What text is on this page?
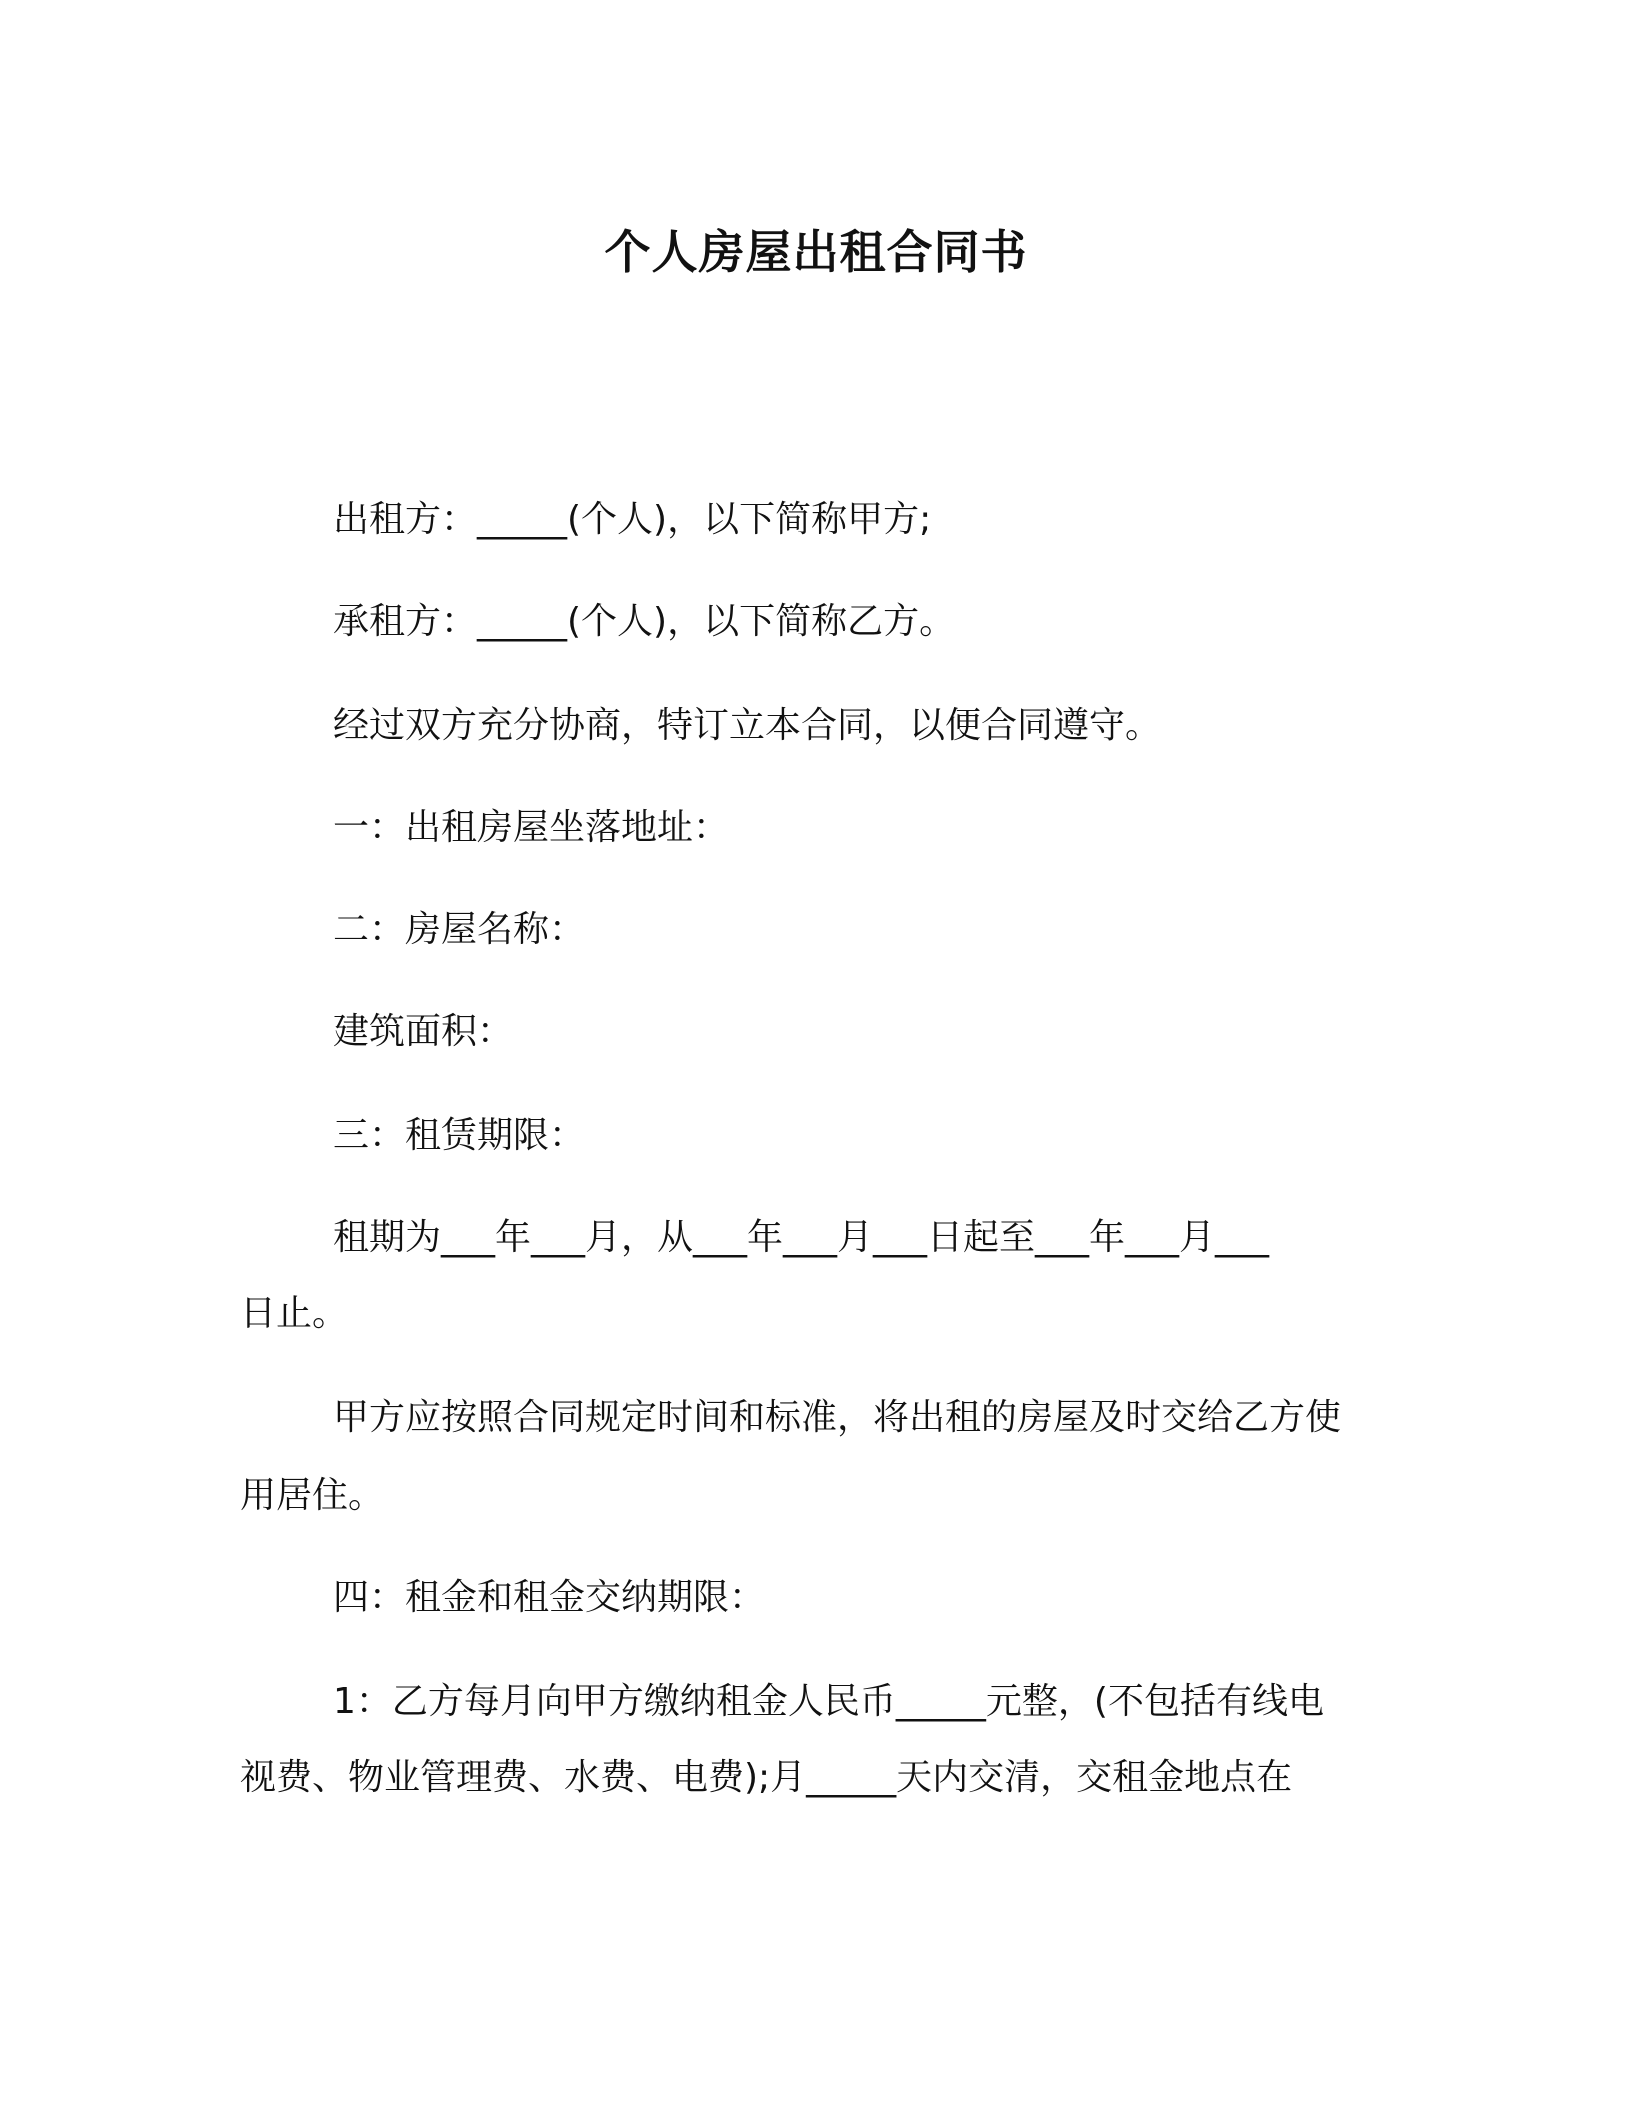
个人房屋出租合同书
出租方：_____(个人)，以下简称甲方;
承租方：_____(个人)，以下简称乙方。
经过双方充分协商，特订立本合同，以便合同遵守。
一：出租房屋坐落地址：
二：房屋名称：
建筑面积：
三：租赁期限：
租期为___年___月，从___年___月___日起至___年___月___
日止。
甲方应按照合同规定时间和标准，将出租的房屋及时交给乙方使
用居住。
四：租金和租金交纳期限：
1：乙方每月向甲方缴纳租金人民币_____元整，(不包括有线电
视费、物业管理费、水费、电费);月_____天内交清，交租金地点在
